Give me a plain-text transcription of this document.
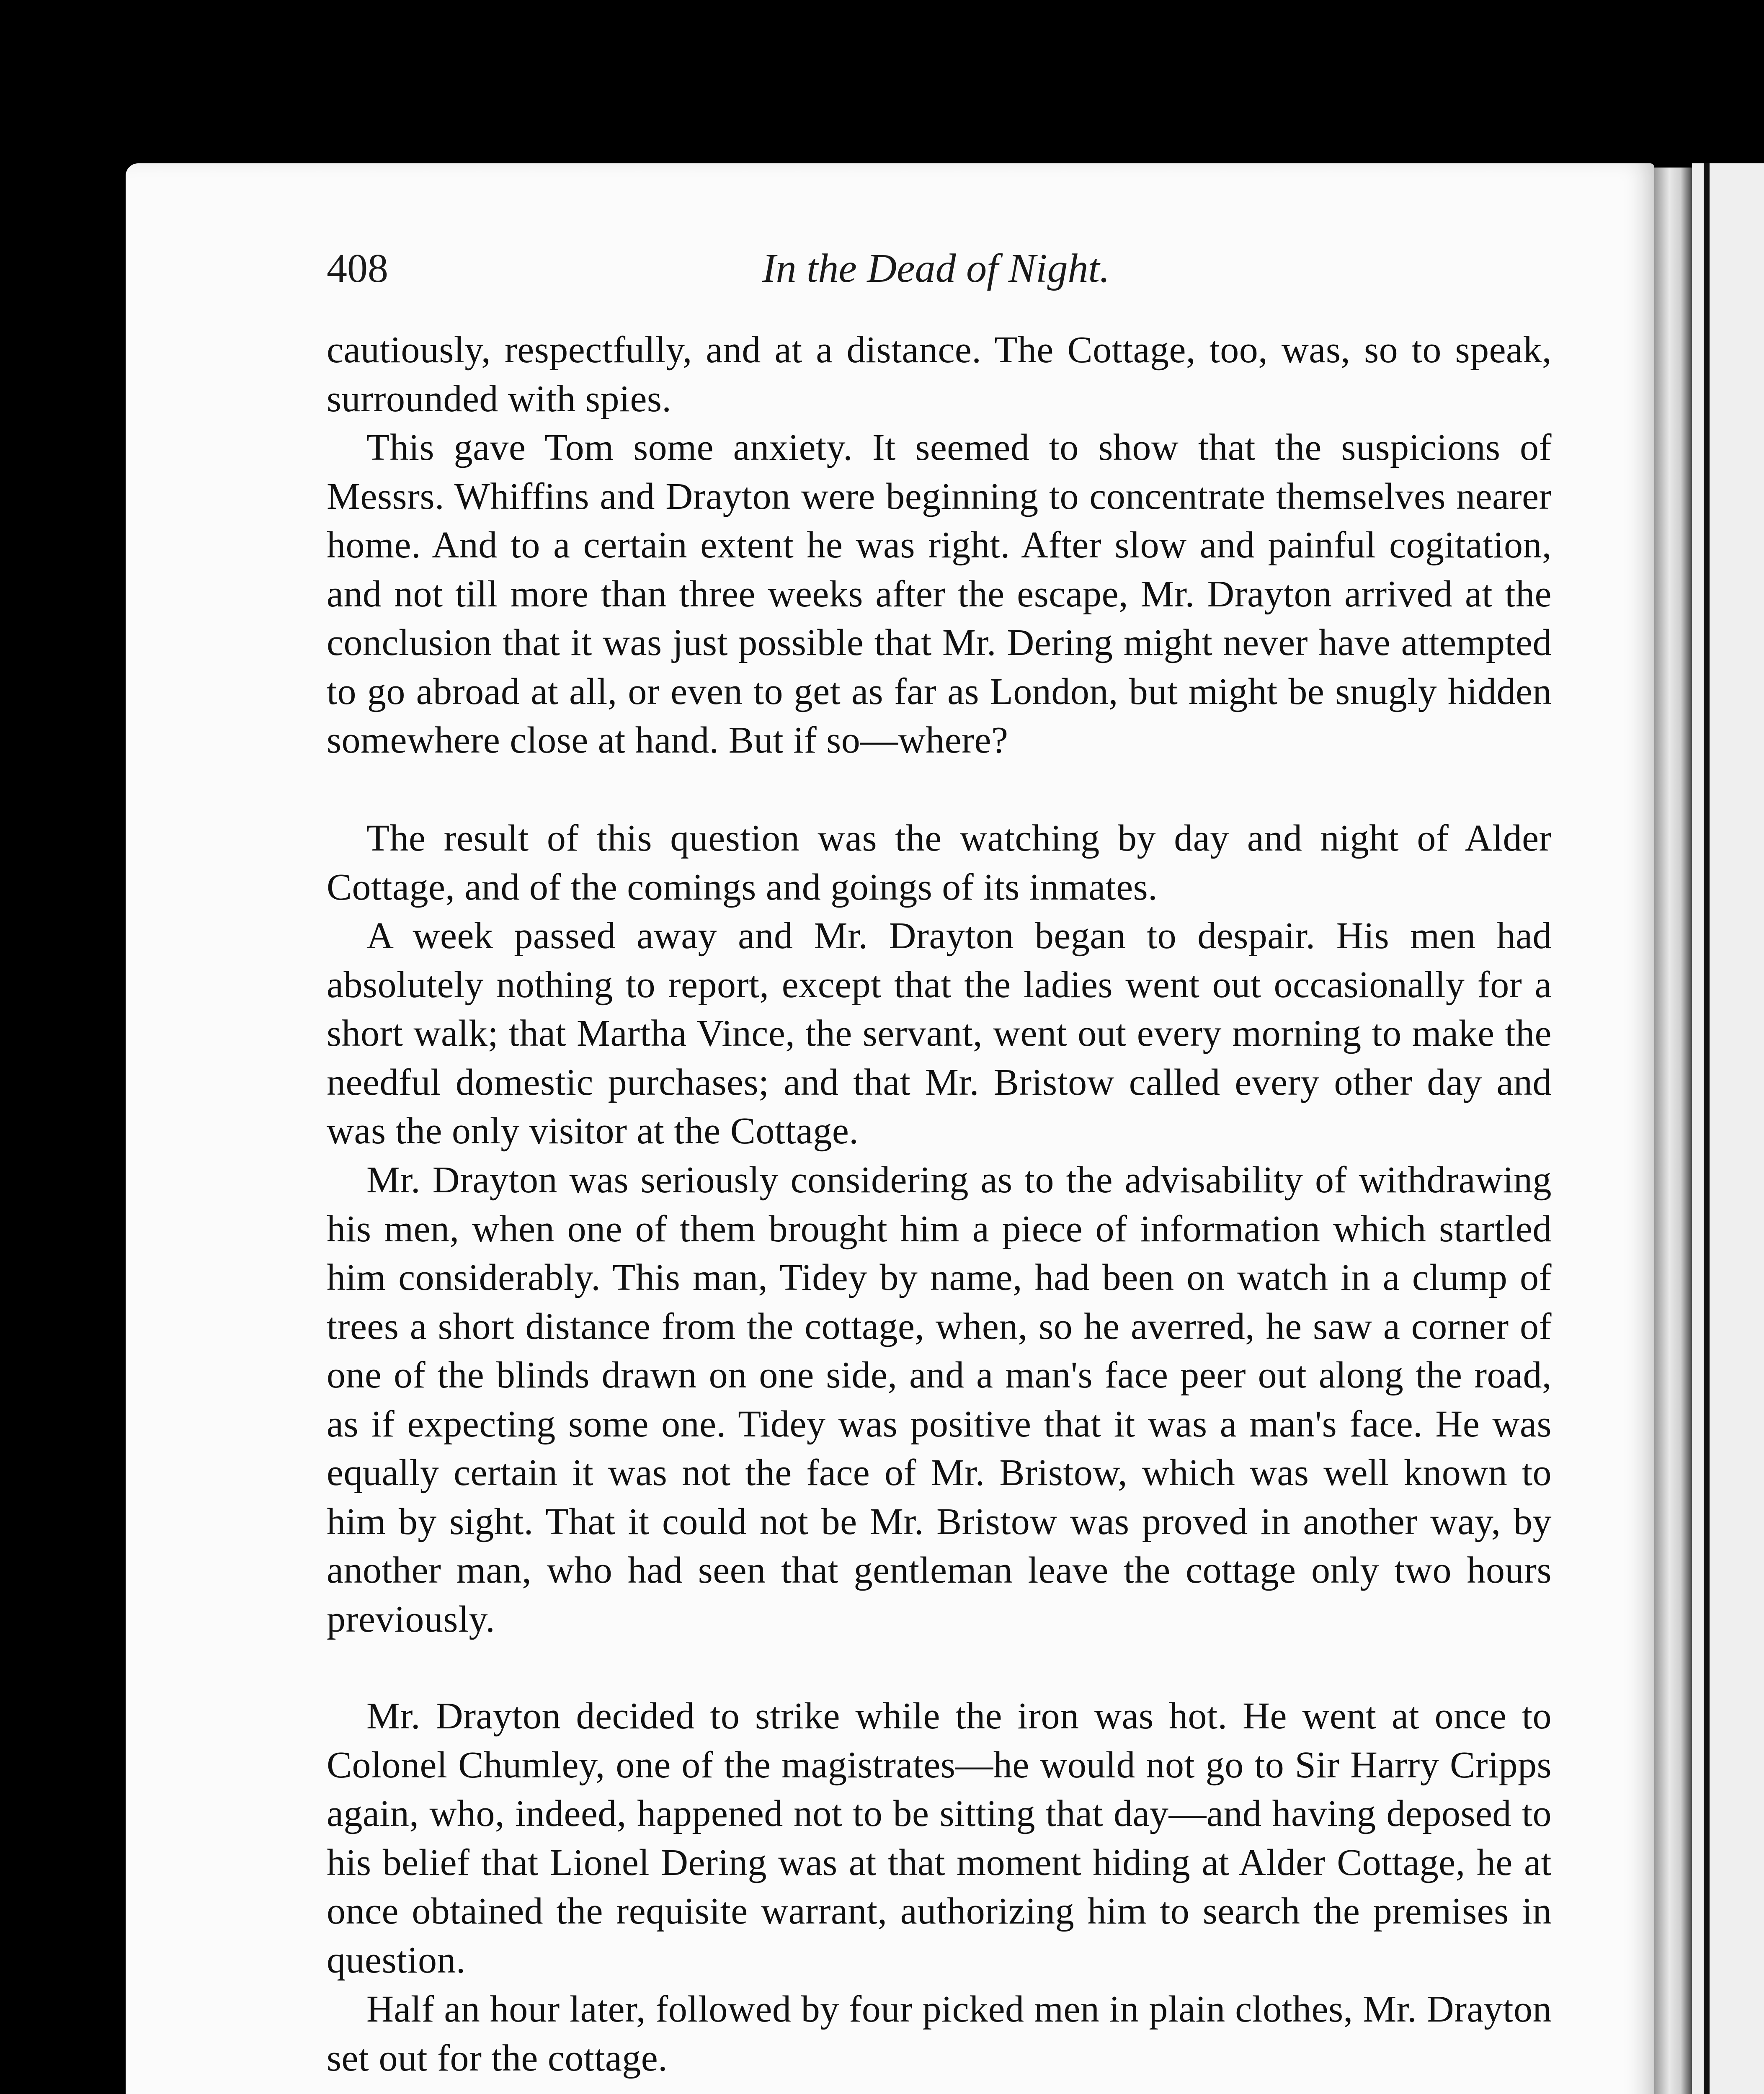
408	In the Dead of Night.

cautiously, respectfully, and at a distance. The Cottage, too, was, so to speak, surrounded with spies.

This gave Tom some anxiety. It seemed to show that the suspicions of Messrs. Whiffins and Drayton were beginning to concentrate themselves nearer home. And to a certain extent he was right. After slow and painful cogitation, and not till more than three weeks after the escape, Mr. Drayton arrived at the conclusion that it was just possible that Mr. Dering might never have attempted to go abroad at all, or even to get as far as London, but might be snugly hidden somewhere close at hand. But if so—where?

The result of this question was the watching by day and night of Alder Cottage, and of the comings and goings of its inmates.

A week passed away and Mr. Drayton began to despair. His men had absolutely nothing to report, except that the ladies went out occasionally for a short walk; that Martha Vince, the servant, went out every morning to make the needful domestic purchases; and that Mr. Bristow called every other day and was the only visitor at the Cottage.

Mr. Drayton was seriously considering as to the advisability of withdrawing his men, when one of them brought him a piece of information which startled him considerably. This man, Tidey by name, had been on watch in a clump of trees a short distance from the cottage, when, so he averred, he saw a corner of one of the blinds drawn on one side, and a man's face peer out along the road, as if expecting some one. Tidey was positive that it was a man's face. He was equally certain it was not the face of Mr. Bristow, which was well known to him by sight. That it could not be Mr. Bristow was proved in another way, by another man, who had seen that gentleman leave the cottage only two hours previously.

Mr. Drayton decided to strike while the iron was hot. He went at once to Colonel Chumley, one of the magistrates—he would not go to Sir Harry Cripps again, who, indeed, happened not to be sitting that day—and having deposed to his belief that Lionel Dering was at that moment hiding at Alder Cottage, he at once obtained the requisite warrant, authorizing him to search the premises in question.

Half an hour later, followed by four picked men in plain clothes, Mr. Drayton set out for the cottage.
